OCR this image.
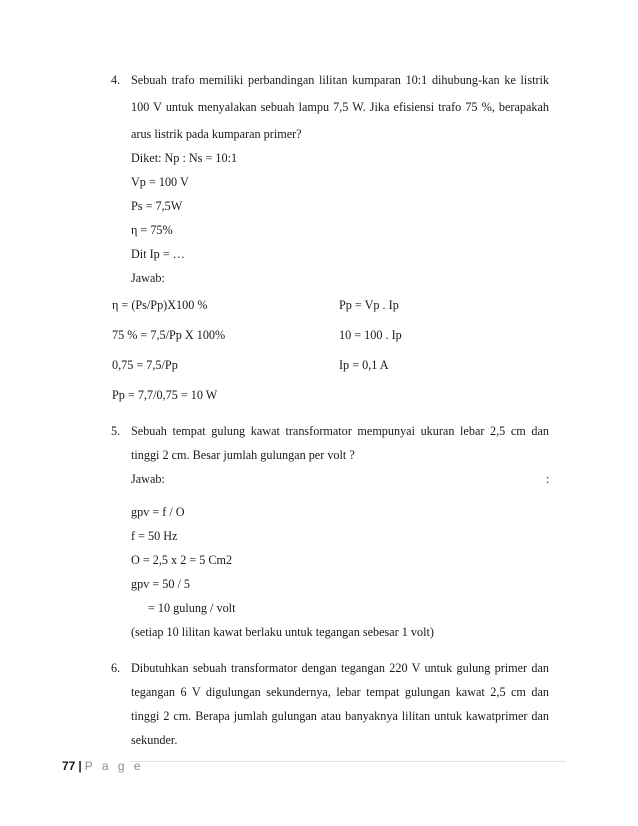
4. Sebuah trafo memiliki perbandingan lilitan kumparan 10:1 dihubung-kan ke listrik
100 V untuk menyalakan sebuah lampu 7,5 W. Jika efisiensi trafo 75 %, berapakah
arus listrik pada kumparan primer?
Diket: Np : Ns = 10:1
Vp = 100 V
Ps = 7,5W
η = 75%
Dit Ip = …
Jawab:
η = (Ps/Pp)X100 %	Pp = Vp . Ip
75 % = 7,5/Pp X 100%	10 = 100 . Ip
0,75 = 7,5/Pp	Ip = 0,1 A
Pp = 7,7/0,75 = 10 W
5. Sebuah tempat gulung kawat transformator mempunyai ukuran lebar 2,5 cm dan
tinggi 2 cm. Besar jumlah gulungan per volt ?
Jawab:	:
gpv = f / O
f = 50 Hz
O = 2,5 x 2 = 5 Cm2
gpv = 50 / 5
= 10 gulung / volt
(setiap 10 lilitan kawat berlaku untuk tegangan sebesar 1 volt)
6. Dibutuhkan sebuah transformator dengan tegangan 220 V untuk gulung primer dan
tegangan 6 V digulungan sekundernya, lebar tempat gulungan kawat 2,5 cm dan
tinggi 2 cm. Berapa jumlah gulungan atau banyaknya lilitan untuk kawatprimer dan
sekunder.
77 | P a g e
